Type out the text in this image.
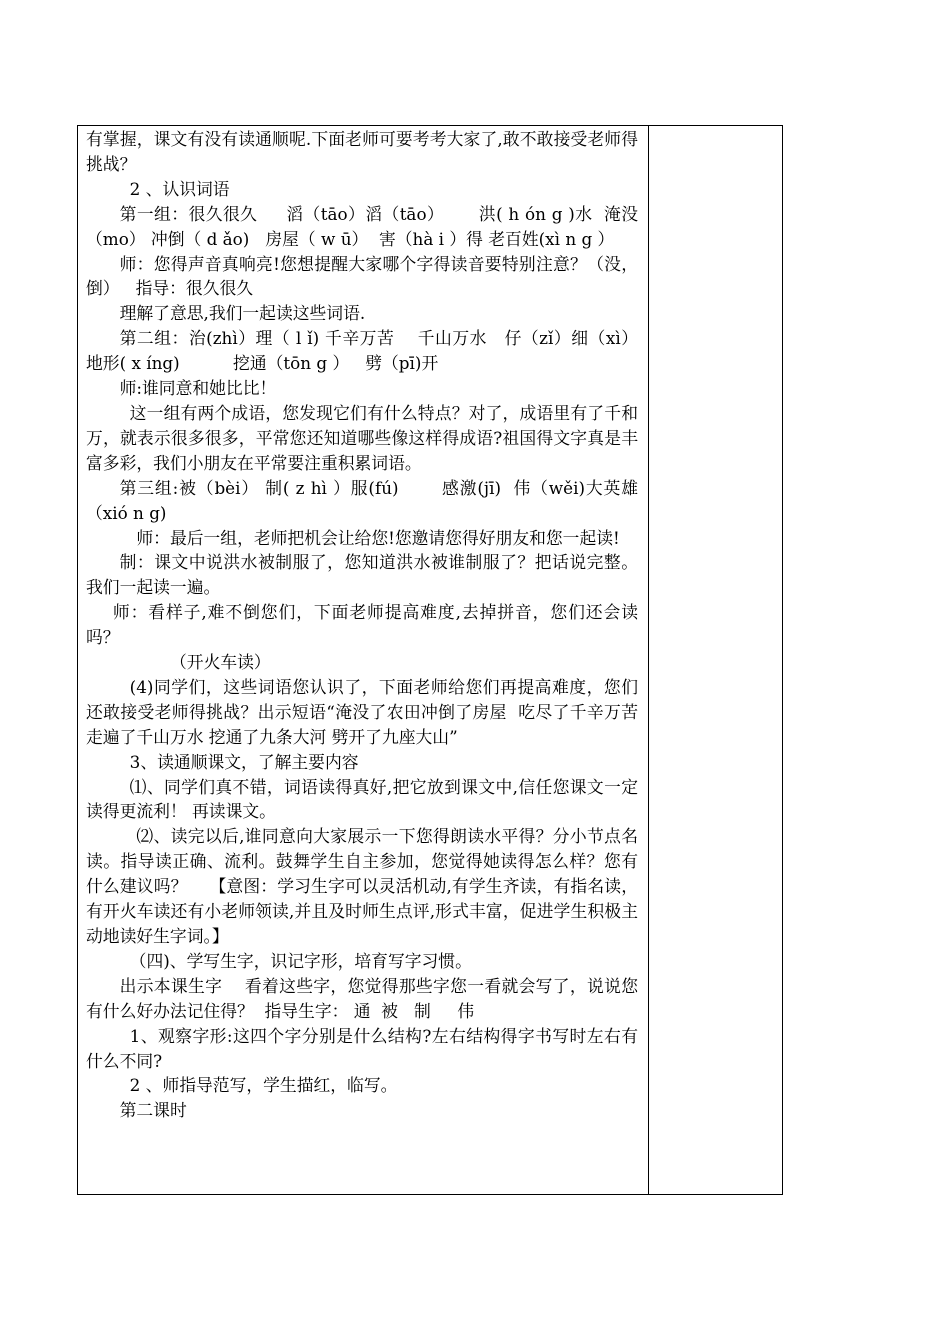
有掌握，课文有没有读通顺呢.下面老师可要考考大家了,敢不敢接受老师得挑战？

2 、认识词语

第一组：很久很久     滔（tāo）滔（tāo）      洪( h ón g )水  淹没（mo） 冲倒（ d ǎo)   房屋（ w ū）  害（hà i ）得 老百姓(xì n g ）

师：您得声音真响亮!您想提醒大家哪个字得读音要特别注意？（没，倒）   指导：很久很久

理解了意思,我们一起读这些词语.

第二组：治(zhì）理（ l ǐ) 千辛万苦    千山万水   仔（zǐ）细（xì）      地形( x íng)          挖通（tōn g ）   劈（pī)开

师:谁同意和她比比！

这一组有两个成语，您发现它们有什么特点？对了，成语里有了千和万，就表示很多很多，平常您还知道哪些像这样得成语?祖国得文字真是丰富多彩，我们小朋友在平常要注重积累词语。

第三组:被（bèi） 制( z hì ）服(fú)       感激(jī)  伟（wěi)大英雄（xió n g)

师：最后一组，老师把机会让给您!您邀请您得好朋友和您一起读!

制：课文中说洪水被制服了，您知道洪水被谁制服了？把话说完整。我们一起读一遍。

师：看样子,难不倒您们，下面老师提高难度,去掉拼音，您们还会读吗？

（开火车读）

(4)同学们，这些词语您认识了，下面老师给您们再提高难度，您们还敢接受老师得挑战？出示短语“淹没了农田冲倒了房屋  吃尽了千辛万苦 走遍了千山万水 挖通了九条大河 劈开了九座大山”

3、读通顺课文，了解主要内容

⑴、同学们真不错，词语读得真好,把它放到课文中,信任您课文一定读得更流利！ 再读课文。

⑵、读完以后,谁同意向大家展示一下您得朗读水平得？分小节点名读。指导读正确、流利。鼓舞学生自主参加，您觉得她读得怎么样？您有什么建议吗？    【意图：学习生字可以灵活机动,有学生齐读，有指名读，有开火车读还有小老师领读,并且及时师生点评,形式丰富，促进学生积极主动地读好生字词。】

（四)、学写生字，识记字形，培育写字习惯。

出示本课生字    看着这些字，您觉得那些字您一看就会写了，说说您有什么好办法记住得？  指导生字： 通  被   制     伟

1、观察字形:这四个字分别是什么结构?左右结构得字书写时左右有什么不同?

2 、师指导范写，学生描红，临写。

第二课时
